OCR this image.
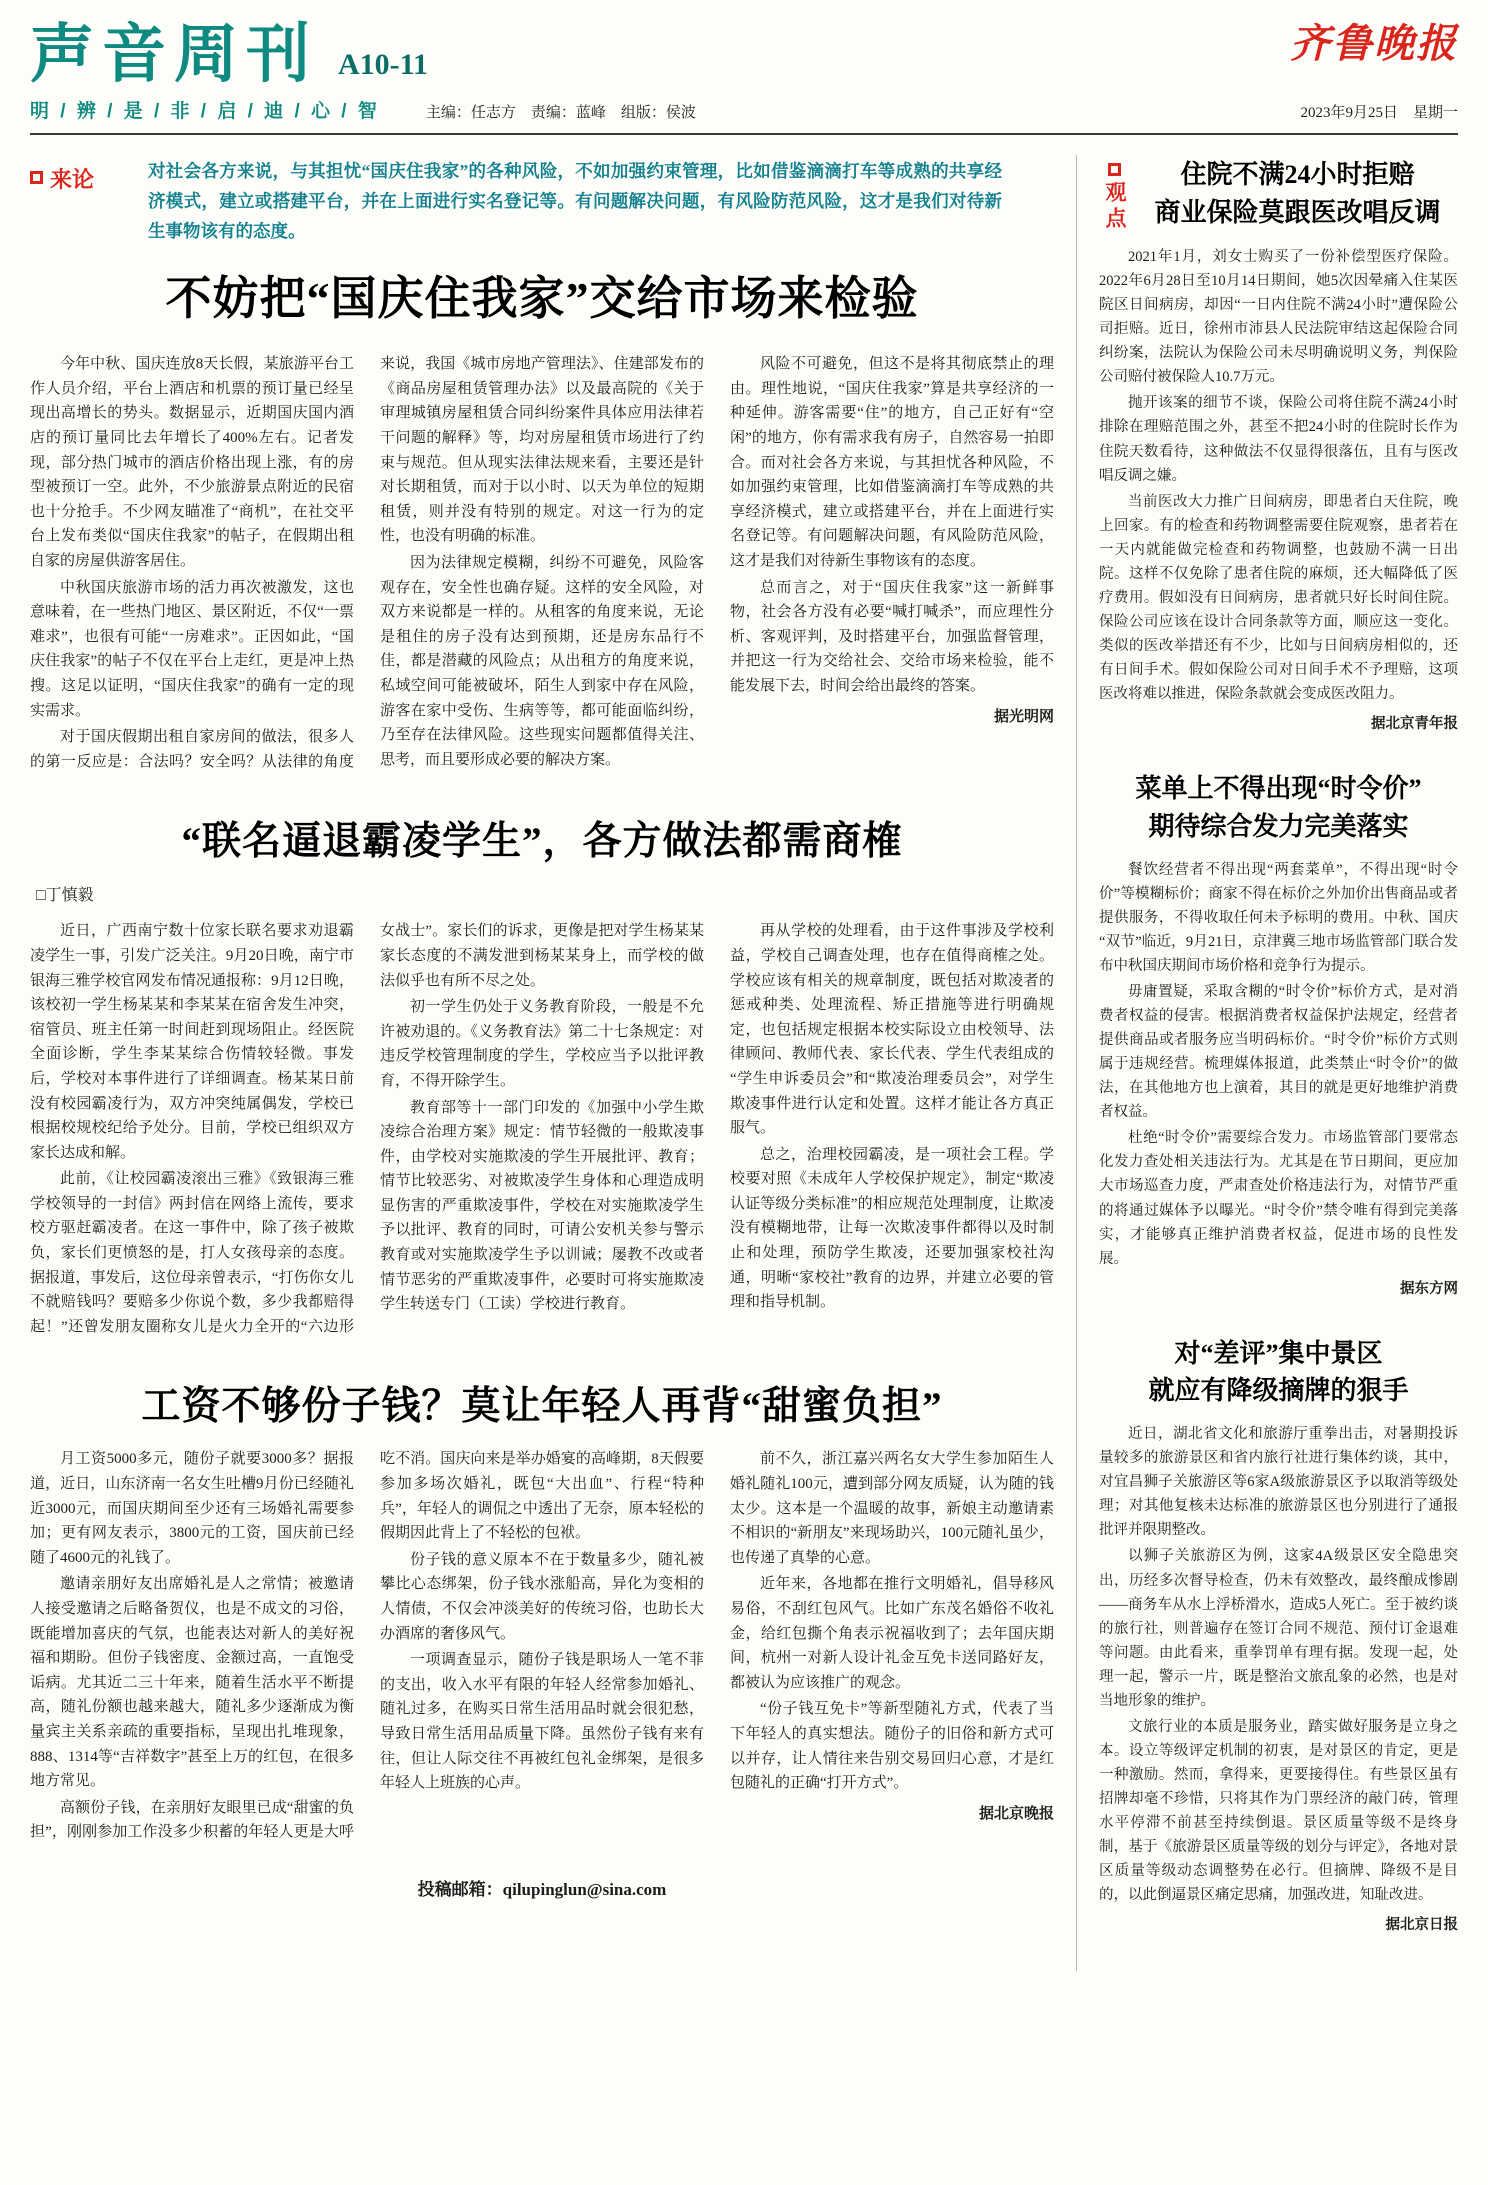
声音周刊 A10-11	齐鲁晚报
明 / 辨 / 是 / 非 / 启 / 迪 / 心 / 智	主编：任志方　责编：蓝峰　组版：侯波	2023年9月25日　星期一
来论	对社会各方来说，与其担忧“国庆住我家”的各种风险，不如加强约束管理，比如借鉴滴滴打车等成熟的共享经济模式，建立或搭建平台，并在上面进行实名登记等。有问题解决问题，有风险防范风险，这才是我们对待新生事物该有的态度。

不妨把“国庆住我家”交给市场来检验

今年中秋、国庆连放8天长假，某旅游平台工作人员介绍，平台上酒店和机票的预订量已经呈现出高增长的势头。数据显示，近期国庆国内酒店的预订量同比去年增长了400%左右。记者发现，部分热门城市的酒店价格出现上涨，有的房型被预订一空。此外，不少旅游景点附近的民宿也十分抢手。不少网友瞄准了“商机”，在社交平台上发布类似“国庆住我家”的帖子，在假期出租自家的房屋供游客居住。

中秋国庆旅游市场的活力再次被激发，这也意味着，在一些热门地区、景区附近，不仅“一票难求”，也很有可能“一房难求”。正因如此，“国庆住我家”的帖子不仅在平台上走红，更是冲上热搜。这足以证明，“国庆住我家”的确有一定的现实需求。

对于国庆假期出租自家房间的做法，很多人的第一反应是：合法吗？安全吗？从法律的角度来说，我国《城市房地产管理法》、住建部发布的《商品房屋租赁管理办法》以及最高院的《关于审理城镇房屋租赁合同纠纷案件具体应用法律若干问题的解释》等，均对房屋租赁市场进行了约束与规范。但从现实法律法规来看，主要还是针对长期租赁，而对于以小时、以天为单位的短期租赁，则并没有特别的规定。对这一行为的定性，也没有明确的标准。

因为法律规定模糊，纠纷不可避免，风险客观存在，安全性也确存疑。这样的安全风险，对双方来说都是一样的。从租客的角度来说，无论是租住的房子没有达到预期，还是房东品行不佳，都是潜藏的风险点；从出租方的角度来说，私域空间可能被破坏，陌生人到家中存在风险，游客在家中受伤、生病等等，都可能面临纠纷，乃至存在法律风险。这些现实问题都值得关注、思考，而且要形成必要的解决方案。

风险不可避免，但这不是将其彻底禁止的理由。理性地说，“国庆住我家”算是共享经济的一种延伸。游客需要“住”的地方，自己正好有“空闲”的地方，你有需求我有房子，自然容易一拍即合。而对社会各方来说，与其担忧各种风险，不如加强约束管理，比如借鉴滴滴打车等成熟的共享经济模式，建立或搭建平台，并在上面进行实名登记等。有问题解决问题，有风险防范风险，这才是我们对待新生事物该有的态度。

总而言之，对于“国庆住我家”这一新鲜事物，社会各方没有必要“喊打喊杀”，而应理性分析、客观评判，及时搭建平台，加强监督管理，并把这一行为交给社会、交给市场来检验，能不能发展下去，时间会给出最终的答案。

据光明网

“联名逼退霸凌学生”，各方做法都需商榷

□丁慎毅

近日，广西南宁数十位家长联名要求劝退霸凌学生一事，引发广泛关注。9月20日晚，南宁市银海三雅学校官网发布情况通报称：9月12日晚，该校初一学生杨某某和李某某在宿舍发生冲突，宿管员、班主任第一时间赶到现场阻止。经医院全面诊断，学生李某某综合伤情较轻微。事发后，学校对本事件进行了详细调查。杨某某日前没有校园霸凌行为，双方冲突纯属偶发，学校已根据校规校纪给予处分。目前，学校已组织双方家长达成和解。

此前，《让校园霸凌滚出三雅》《致银海三雅学校领导的一封信》两封信在网络上流传，要求校方驱赶霸凌者。在这一事件中，除了孩子被欺负，家长们更愤怒的是，打人女孩母亲的态度。据报道，事发后，这位母亲曾表示，“打伤你女儿不就赔钱吗？要赔多少你说个数，多少我都赔得起！”还曾发朋友圈称女儿是火力全开的“六边形女战士”。家长们的诉求，更像是把对学生杨某某家长态度的不满发泄到杨某某身上，而学校的做法似乎也有所不尽之处。

初一学生仍处于义务教育阶段，一般是不允许被劝退的。《义务教育法》第二十七条规定：对违反学校管理制度的学生，学校应当予以批评教育，不得开除学生。

教育部等十一部门印发的《加强中小学生欺凌综合治理方案》规定：情节轻微的一般欺凌事件，由学校对实施欺凌的学生开展批评、教育；情节比较恶劣、对被欺凌学生身体和心理造成明显伤害的严重欺凌事件，学校在对实施欺凌学生予以批评、教育的同时，可请公安机关参与警示教育或对实施欺凌学生予以训诫；屡教不改或者情节恶劣的严重欺凌事件，必要时可将实施欺凌学生转送专门（工读）学校进行教育。

再从学校的处理看，由于这件事涉及学校利益，学校自己调查处理，也存在值得商榷之处。学校应该有相关的规章制度，既包括对欺凌者的惩戒种类、处理流程、矫正措施等进行明确规定，也包括规定根据本校实际设立由校领导、法律顾问、教师代表、家长代表、学生代表组成的“学生申诉委员会”和“欺凌治理委员会”，对学生欺凌事件进行认定和处置。这样才能让各方真正服气。

总之，治理校园霸凌，是一项社会工程。学校要对照《未成年人学校保护规定》，制定“欺凌认证等级分类标准”的相应规范处理制度，让欺凌没有模糊地带，让每一次欺凌事件都得以及时制止和处理，预防学生欺凌，还要加强家校社沟通，明晰“家校社”教育的边界，并建立必要的管理和指导机制。

工资不够份子钱？莫让年轻人再背“甜蜜负担”

月工资5000多元，随份子就要3000多？据报道，近日，山东济南一名女生吐槽9月份已经随礼近3000元，而国庆期间至少还有三场婚礼需要参加；更有网友表示，3800元的工资，国庆前已经随了4600元的礼钱了。

邀请亲朋好友出席婚礼是人之常情；被邀请人接受邀请之后略备贺仪，也是不成文的习俗，既能增加喜庆的气氛，也能表达对新人的美好祝福和期盼。但份子钱密度、金额过高，一直饱受诟病。尤其近二三十年来，随着生活水平不断提高，随礼份额也越来越大，随礼多少逐渐成为衡量宾主关系亲疏的重要指标，呈现出扎堆现象，888、1314等“吉祥数字”甚至上万的红包，在很多地方常见。

高额份子钱，在亲朋好友眼里已成“甜蜜的负担”，刚刚参加工作没多少积蓄的年轻人更是大呼吃不消。国庆向来是举办婚宴的高峰期，8天假要参加多场次婚礼，既包“大出血”、行程“特种兵”，年轻人的调侃之中透出了无奈，原本轻松的假期因此背上了不轻松的包袱。

份子钱的意义原本不在于数量多少，随礼被攀比心态绑架，份子钱水涨船高，异化为变相的人情债，不仅会冲淡美好的传统习俗，也助长大办酒席的奢侈风气。

一项调查显示，随份子钱是职场人一笔不菲的支出，收入水平有限的年轻人经常参加婚礼、随礼过多，在购买日常生活用品时就会很犯愁，导致日常生活用品质量下降。虽然份子钱有来有往，但让人际交往不再被红包礼金绑架，是很多年轻人上班族的心声。

前不久，浙江嘉兴两名女大学生参加陌生人婚礼随礼100元，遭到部分网友质疑，认为随的钱太少。这本是一个温暖的故事，新娘主动邀请素不相识的“新朋友”来现场助兴，100元随礼虽少，也传递了真挚的心意。

近年来，各地都在推行文明婚礼，倡导移风易俗，不刮红包风气。比如广东茂名婚俗不收礼金，给红包撕个角表示祝福收到了；去年国庆期间，杭州一对新人设计礼金互免卡送同路好友，都被认为应该推广的观念。

“份子钱互免卡”等新型随礼方式，代表了当下年轻人的真实想法。随份子的旧俗和新方式可以并存，让人情往来告别交易回归心意，才是红包随礼的正确“打开方式”。

据北京晚报

投稿邮箱：qilupinglun@sina.com

观点
住院不满24小时拒赔
商业保险莫跟医改唱反调

2021年1月，刘女士购买了一份补偿型医疗保险。2022年6月28日至10月14日期间，她5次因晕痛入住某医院区日间病房，却因“一日内住院不满24小时”遭保险公司拒赔。近日，徐州市沛县人民法院审结这起保险合同纠纷案，法院认为保险公司未尽明确说明义务，判保险公司赔付被保险人10.7万元。

抛开该案的细节不谈，保险公司将住院不满24小时排除在理赔范围之外，甚至不把24小时的住院时长作为住院天数看待，这种做法不仅显得很落伍，且有与医改唱反调之嫌。

当前医改大力推广日间病房，即患者白天住院，晚上回家。有的检查和药物调整需要住院观察，患者若在一天内就能做完检查和药物调整，也鼓励不满一日出院。这样不仅免除了患者住院的麻烦，还大幅降低了医疗费用。假如没有日间病房，患者就只好长时间住院。保险公司应该在设计合同条款等方面，顺应这一变化。类似的医改举措还有不少，比如与日间病房相似的，还有日间手术。假如保险公司对日间手术不予理赔，这项医改将难以推进，保险条款就会变成医改阻力。

据北京青年报

菜单上不得出现“时令价”
期待综合发力完美落实

餐饮经营者不得出现“两套菜单”，不得出现“时令价”等模糊标价；商家不得在标价之外加价出售商品或者提供服务，不得收取任何未予标明的费用。中秋、国庆“双节”临近，9月21日，京津冀三地市场监管部门联合发布中秋国庆期间市场价格和竞争行为提示。

毋庸置疑，采取含糊的“时令价”标价方式，是对消费者权益的侵害。根据消费者权益保护法规定，经营者提供商品或者服务应当明码标价。“时令价”标价方式则属于违规经营。梳理媒体报道，此类禁止“时令价”的做法，在其他地方也上演着，其目的就是更好地维护消费者权益。

杜绝“时令价”需要综合发力。市场监管部门要常态化发力查处相关违法行为。尤其是在节日期间，更应加大市场巡查力度，严肃查处价格违法行为，对情节严重的将通过媒体予以曝光。“时令价”禁令唯有得到完美落实，才能够真正维护消费者权益，促进市场的良性发展。

据东方网

对“差评”集中景区
就应有降级摘牌的狠手

近日，湖北省文化和旅游厅重拳出击，对暑期投诉量较多的旅游景区和省内旅行社进行集体约谈，其中，对宜昌狮子关旅游区等6家A级旅游景区予以取消等级处理；对其他复核未达标准的旅游景区也分别进行了通报批评并限期整改。

以狮子关旅游区为例，这家4A级景区安全隐患突出，历经多次督导检查，仍未有效整改，最终酿成惨剧——商务车从水上浮桥滑水，造成5人死亡。至于被约谈的旅行社，则普遍存在签订合同不规范、预付订金退难等问题。由此看来，重拳罚单有理有据。发现一起，处理一起，警示一片，既是整治文旅乱象的必然，也是对当地形象的维护。

文旅行业的本质是服务业，踏实做好服务是立身之本。设立等级评定机制的初衷，是对景区的肯定，更是一种激励。然而，拿得来，更要接得住。有些景区虽有招牌却毫不珍惜，只将其作为门票经济的敲门砖，管理水平停滞不前甚至持续倒退。景区质量等级不是终身制，基于《旅游景区质量等级的划分与评定》，各地对景区质量等级动态调整势在必行。但摘牌、降级不是目的，以此倒逼景区痛定思痛，加强改进，知耻改进。

据北京日报
